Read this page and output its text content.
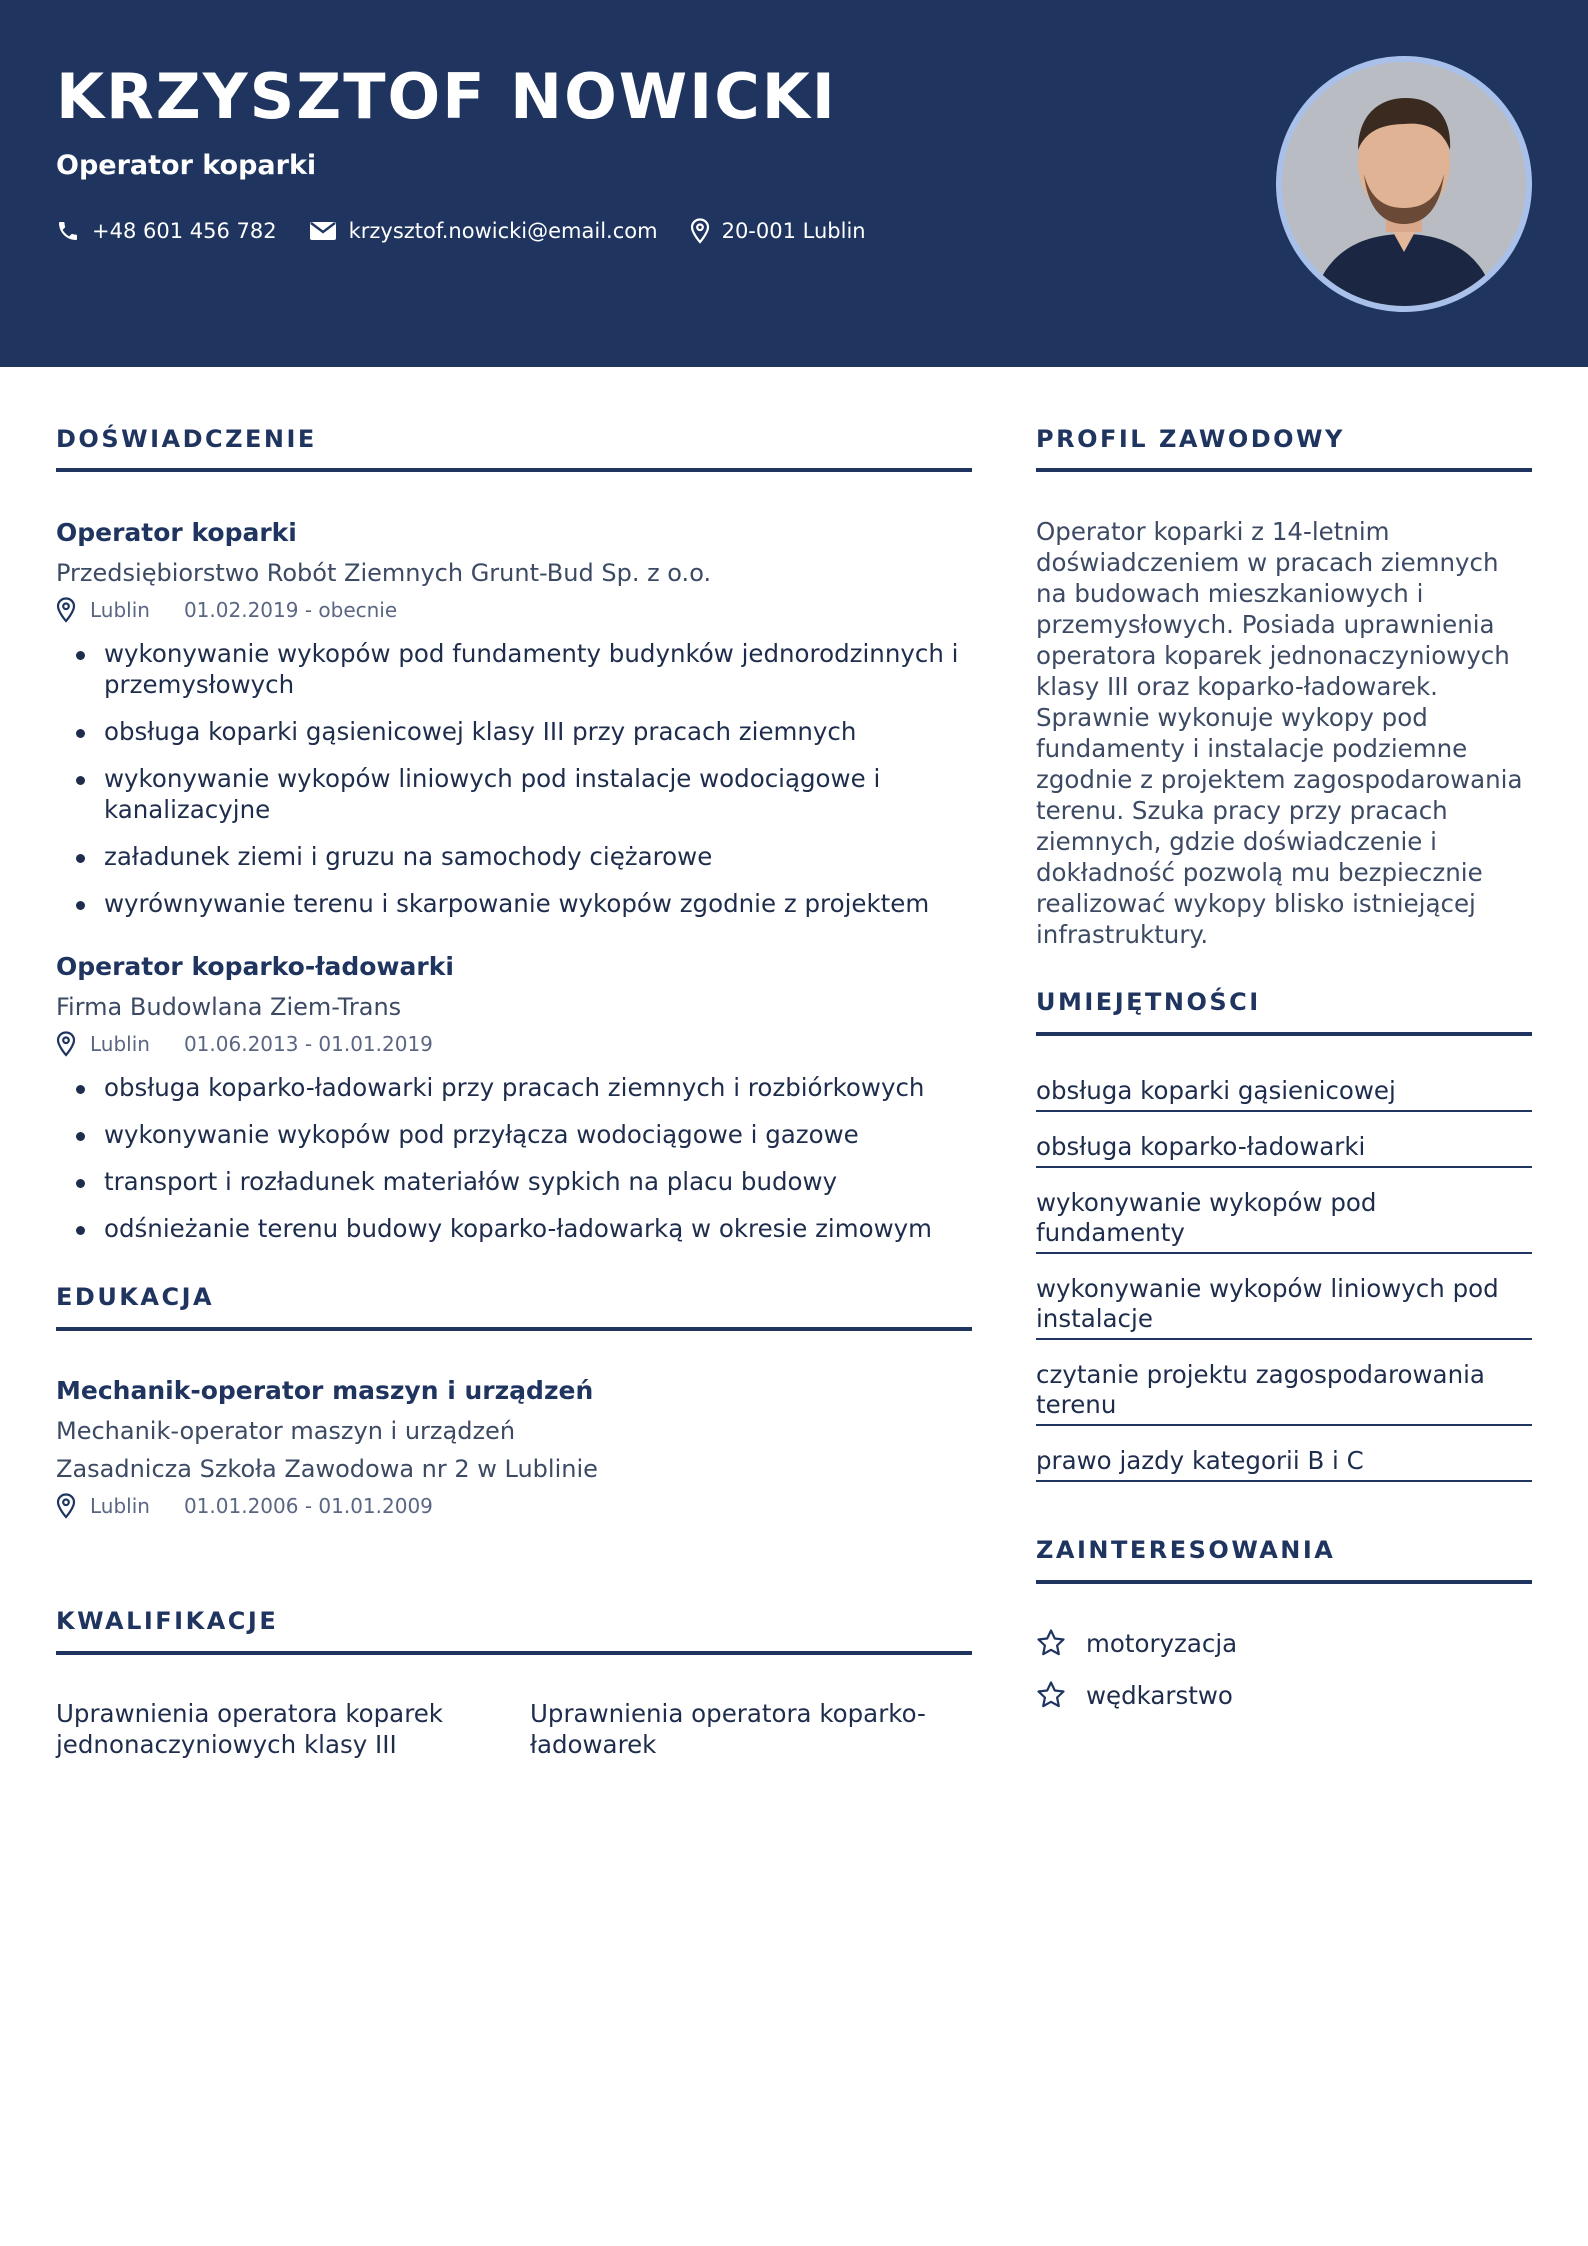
KRZYSZTOF NOWICKI
Operator koparki
+48 601 456 782	krzysztof.nowicki@email.com	20-001 Lublin
DOŚWIADCZENIE
Operator koparki
Przedsiębiorstwo Robót Ziemnych Grunt-Bud Sp. z o.o.
Lublin 01.02.2019 - obecnie
wykonywanie wykopów pod fundamenty budynków jednorodzinnych i przemysłowych
obsługa koparki gąsienicowej klasy III przy pracach ziemnych
wykonywanie wykopów liniowych pod instalacje wodociągowe i kanalizacyjne
załadunek ziemi i gruzu na samochody ciężarowe
wyrównywanie terenu i skarpowanie wykopów zgodnie z projektem
Operator koparko-ładowarki
Firma Budowlana Ziem-Trans
Lublin 01.06.2013 - 01.01.2019
obsługa koparko-ładowarki przy pracach ziemnych i rozbiórkowych
wykonywanie wykopów pod przyłącza wodociągowe i gazowe
transport i rozładunek materiałów sypkich na placu budowy
odśnieżanie terenu budowy koparko-ładowarką w okresie zimowym
EDUKACJA
Mechanik-operator maszyn i urządzeń
Mechanik-operator maszyn i urządzeń
Zasadnicza Szkoła Zawodowa nr 2 w Lublinie
Lublin 01.01.2006 - 01.01.2009
KWALIFIKACJE
Uprawnienia operatora koparek jednonaczyniowych klasy III
Uprawnienia operatora koparko-ładowarek
PROFIL ZAWODOWY
Operator koparki z 14-letnim doświadczeniem w pracach ziemnych na budowach mieszkaniowych i przemysłowych. Posiada uprawnienia operatora koparek jednonaczyniowych klasy III oraz koparko-ładowarek. Sprawnie wykonuje wykopy pod fundamenty i instalacje podziemne zgodnie z projektem zagospodarowania terenu. Szuka pracy przy pracach ziemnych, gdzie doświadczenie i dokładność pozwolą mu bezpiecznie realizować wykopy blisko istniejącej infrastruktury.
UMIEJĘTNOŚCI
obsługa koparki gąsienicowej
obsługa koparko-ładowarki
wykonywanie wykopów pod fundamenty
wykonywanie wykopów liniowych pod instalacje
czytanie projektu zagospodarowania terenu
prawo jazdy kategorii B i C
ZAINTERESOWANIA
motoryzacja
wędkarstwo
